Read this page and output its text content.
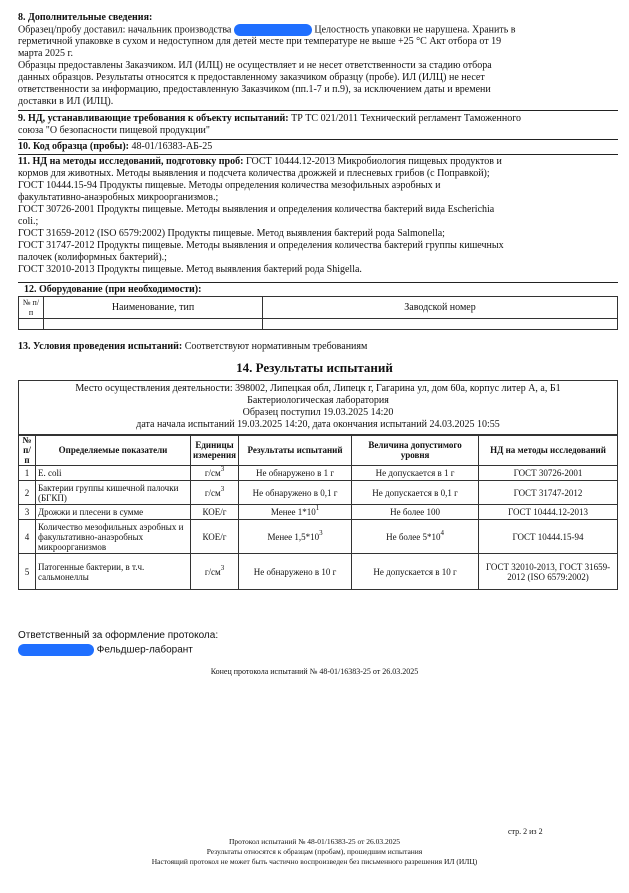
8. Дополнительные сведения:
Образец/пробу доставил: начальник производства	Целостность упаковки не нарушена. Хранить в
герметичной упаковке в сухом и недоступном для детей месте при температуре не выше +25 °С Акт отбора от 19
марта 2025 г.
Образцы предоставлены Заказчиком. ИЛ (ИЛЦ) не осуществляет и не несет ответственности за стадию отбора
данных образцов. Результаты относятся к предоставленному заказчиком образцу (пробе). ИЛ (ИЛЦ) не несет
ответственности за информацию, предоставленную Заказчиком (пп.1-7 и п.9), за исключением даты и времени
доставки в ИЛ (ИЛЦ).
9. НД, устанавливающие требования к объекту испытаний: ТР ТС 021/2011 Технический регламент Таможенного
союза "О безопасности пищевой продукции"
10. Код образца (пробы): 48-01/16383-АБ-25
11. НД на методы исследований, подготовку проб: ГОСТ 10444.12-2013 Микробиология пищевых продуктов и
кормов для животных. Методы выявления и подсчета количества дрожжей и плесневых грибов (с Поправкой);
ГОСТ 10444.15-94 Продукты пищевые. Методы определения количества мезофильных аэробных и
факультативно-анаэробных микроорганизмов.;
ГОСТ 30726-2001 Продукты пищевые. Методы выявления и определения количества бактерий вида Escherichia
coli.;
ГОСТ 31659-2012 (ISO 6579:2002) Продукты пищевые. Метод выявления бактерий рода Salmonella;
ГОСТ 31747-2012 Продукты пищевые. Методы выявления и определения количества бактерий группы кишечных
палочек (колиформных бактерий).;
ГОСТ 32010-2013 Продукты пищевые. Метод выявления бактерий рода Shigella.
12. Оборудование (при необходимости):
№ п/п	Наименование, тип	Заводской номер

13. Условия проведения испытаний: Соответствуют нормативным требованиям
14. Результаты испытаний
Место осуществления деятельности: 398002, Липецкая обл, Липецк г, Гагарина ул, дом 60а, корпус литер А, а, Б1
Бактериологическая лаборатория
Образец поступил 19.03.2025 14:20
дата начала испытаний 19.03.2025 14:20, дата окончания испытаний 24.03.2025 10:55
№ п/п	Определяемые показатели	Единицы измерения	Результаты испытаний	Величина допустимого уровня	НД на методы исследований
1	E. coli	$г/см^3$	Не обнаружено в 1 г	Не допускается в 1 г	ГОСТ 30726-2001
2	Бактерии группы кишечной палочки (БГКП)	$г/см^3$	Не обнаружено в 0,1 г	Не допускается в 0,1 г	ГОСТ 31747-2012
3	Дрожжи и плесени в сумме	КОЕ/г	Менее $1*10^1$	Не более 100	ГОСТ 10444.12-2013
4	Количество мезофильных аэробных и факультативно-анаэробных микроорганизмов	КОЕ/г	Менее $1,5*10^3$	Не более $5*10^4$	ГОСТ 10444.15-94
5	Патогенные бактерии, в т.ч. сальмонеллы	$г/см^3$	Не обнаружено в 10 г	Не допускается в 10 г	ГОСТ 32010-2013, ГОСТ 31659-2012 (ISO 6579:2002)
Ответственный за оформление протокола:
Фельдшер-лаборант
Конец протокола испытаний № 48-01/16383-25 от 26.03.2025
стр. 2 из 2
Протокол испытаний № 48-01/16383-25 от 26.03.2025
Результаты относятся к образцам (пробам), прошедшим испытания
Настоящий протокол не может быть частично воспроизведен без письменного разрешения ИЛ (ИЛЦ)
